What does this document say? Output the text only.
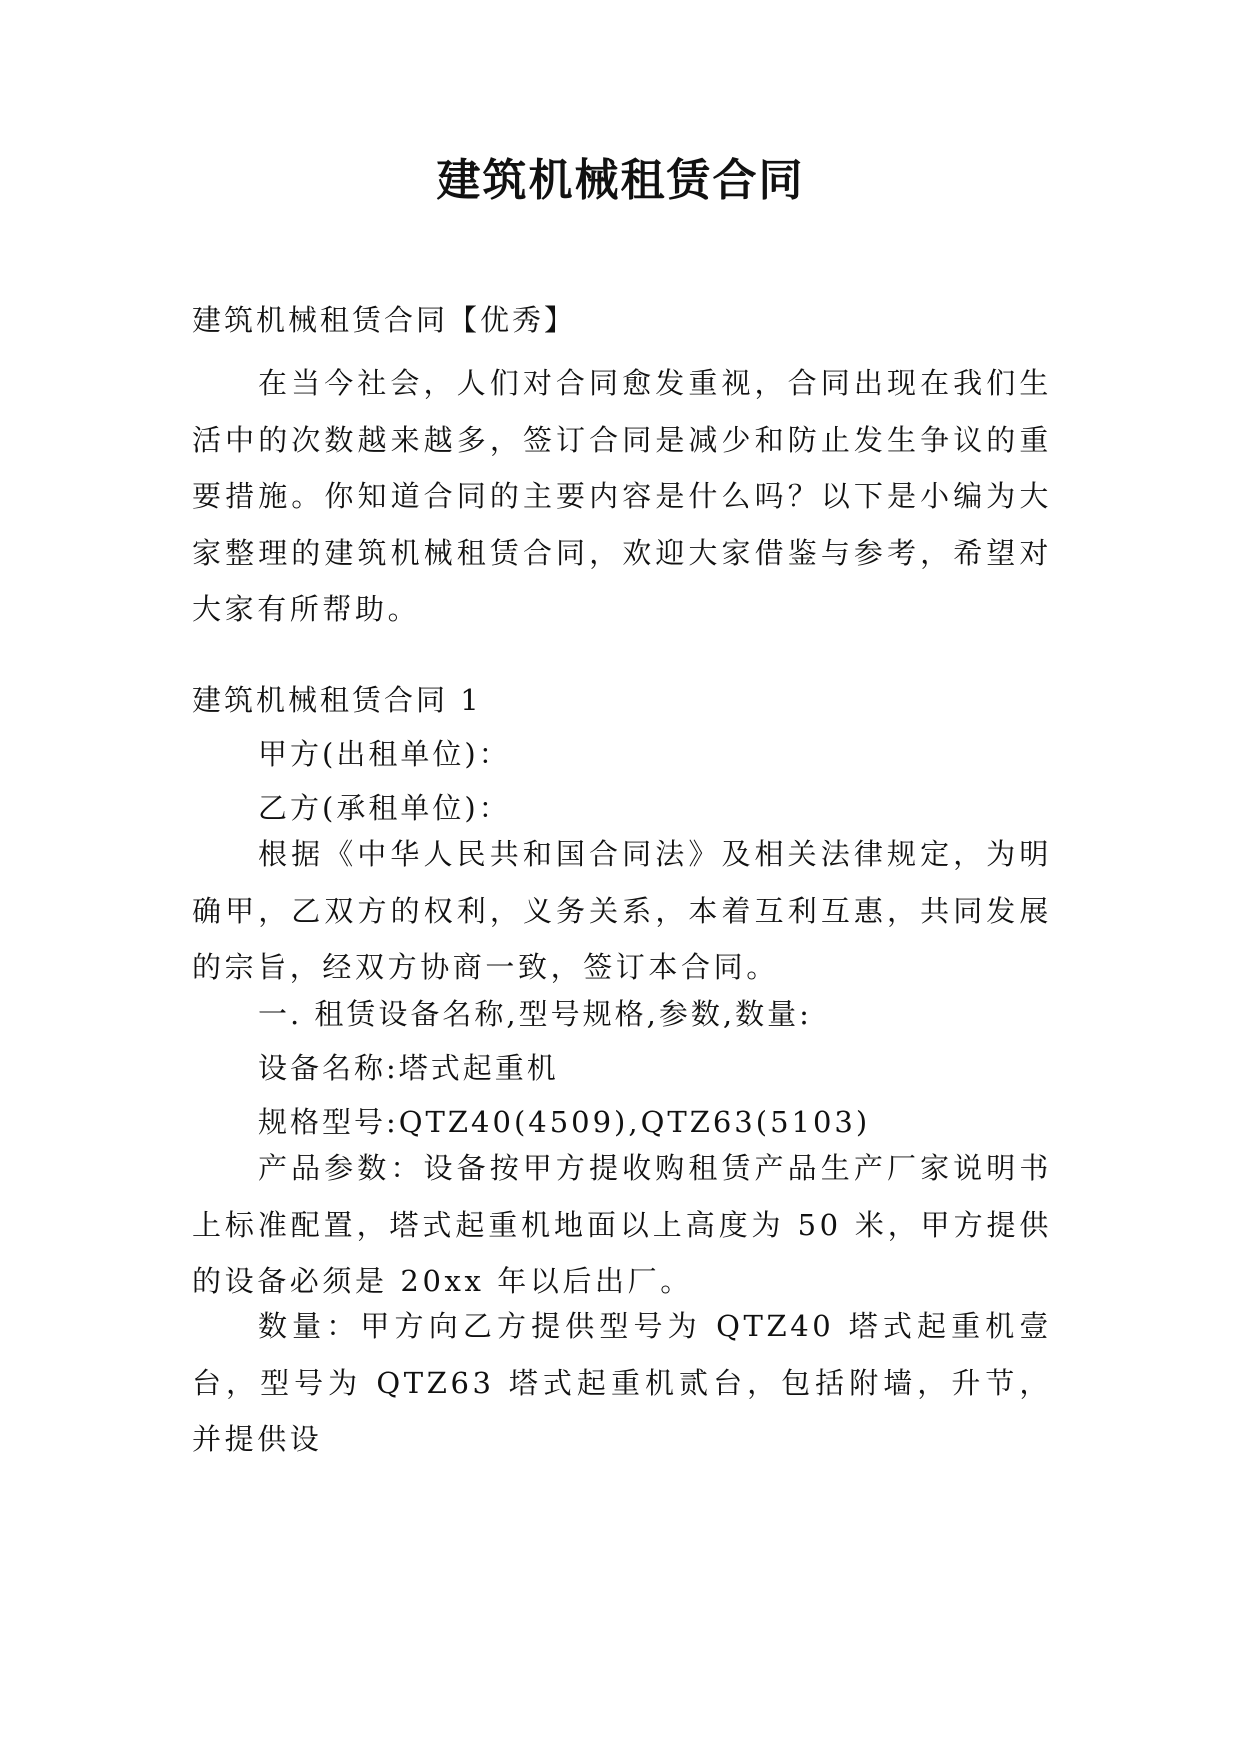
建筑机械租赁合同
建筑机械租赁合同【优秀】

在当今社会，人们对合同愈发重视，合同出现在我们生活中的次数越来越多，签订合同是减少和防止发生争议的重要措施。你知道合同的主要内容是什么吗？以下是小编为大家整理的建筑机械租赁合同，欢迎大家借鉴与参考，希望对大家有所帮助。

建筑机械租赁合同 1
甲方(出租单位)：
乙方(承租单位)：

根据《中华人民共和国合同法》及相关法律规定，为明确甲，乙双方的权利，义务关系，本着互利互惠，共同发展的宗旨，经双方协商一致，签订本合同。

一. 租赁设备名称,型号规格,参数,数量:
设备名称:塔式起重机
规格型号:QTZ40(4509),QTZ63(5103)

产品参数：设备按甲方提收购租赁产品生产厂家说明书上标准配置，塔式起重机地面以上高度为 50 米，甲方提供的设备必须是 20xx 年以后出厂。

数量：甲方向乙方提供型号为 QTZ40 塔式起重机壹台，型号为 QTZ63 塔式起重机贰台，包括附墙，升节，并提供设
